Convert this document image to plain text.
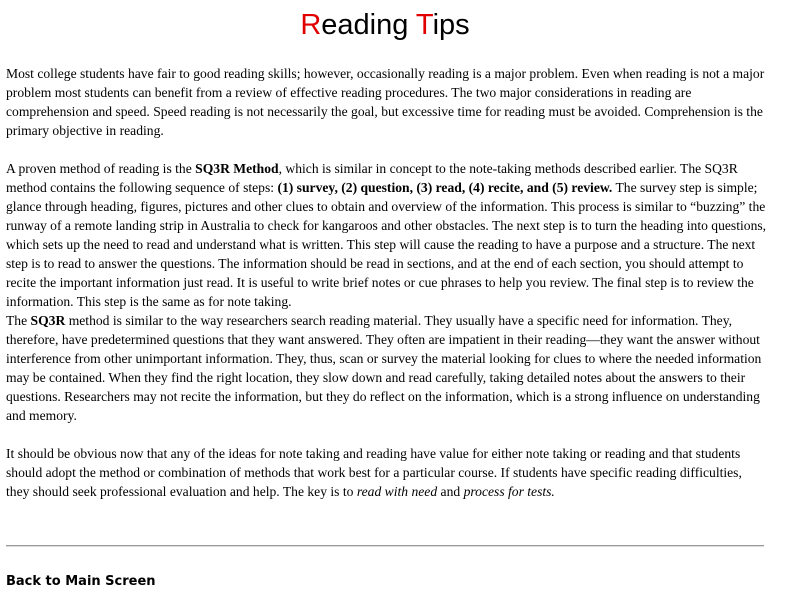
Reading Tips

Most college students have fair to good reading skills; however, occasionally reading is a major problem. Even when reading is not a major problem most students can benefit from a review of effective reading procedures. The two major considerations in reading are comprehension and speed. Speed reading is not necessarily the goal, but excessive time for reading must be avoided. Comprehension is the primary objective in reading.

A proven method of reading is the SQ3R Method, which is similar in concept to the note-taking methods described earlier. The SQ3R method contains the following sequence of steps: (1) survey, (2) question, (3) read, (4) recite, and (5) review. The survey step is simple; glance through heading, figures, pictures and other clues to obtain and overview of the information. This process is similar to “buzzing” the runway of a remote landing strip in Australia to check for kangaroos and other obstacles. The next step is to turn the heading into questions, which sets up the need to read and understand what is written. This step will cause the reading to have a purpose and a structure. The next step is to read to answer the questions. The information should be read in sections, and at the end of each section, you should attempt to recite the important information just read. It is useful to write brief notes or cue phrases to help you review. The final step is to review the information. This step is the same as for note taking.

The SQ3R method is similar to the way researchers search reading material. They usually have a specific need for information. They, therefore, have predetermined questions that they want answered. They often are impatient in their reading—they want the answer without interference from other unimportant information. They, thus, scan or survey the material looking for clues to where the needed information may be contained. When they find the right location, they slow down and read carefully, taking detailed notes about the answers to their questions. Researchers may not recite the information, but they do reflect on the information, which is a strong influence on understanding and memory.

It should be obvious now that any of the ideas for note taking and reading have value for either note taking or reading and that students should adopt the method or combination of methods that work best for a particular course. If students have specific reading difficulties, they should seek professional evaluation and help. The key is to read with need and process for tests.

Back to Main Screen
